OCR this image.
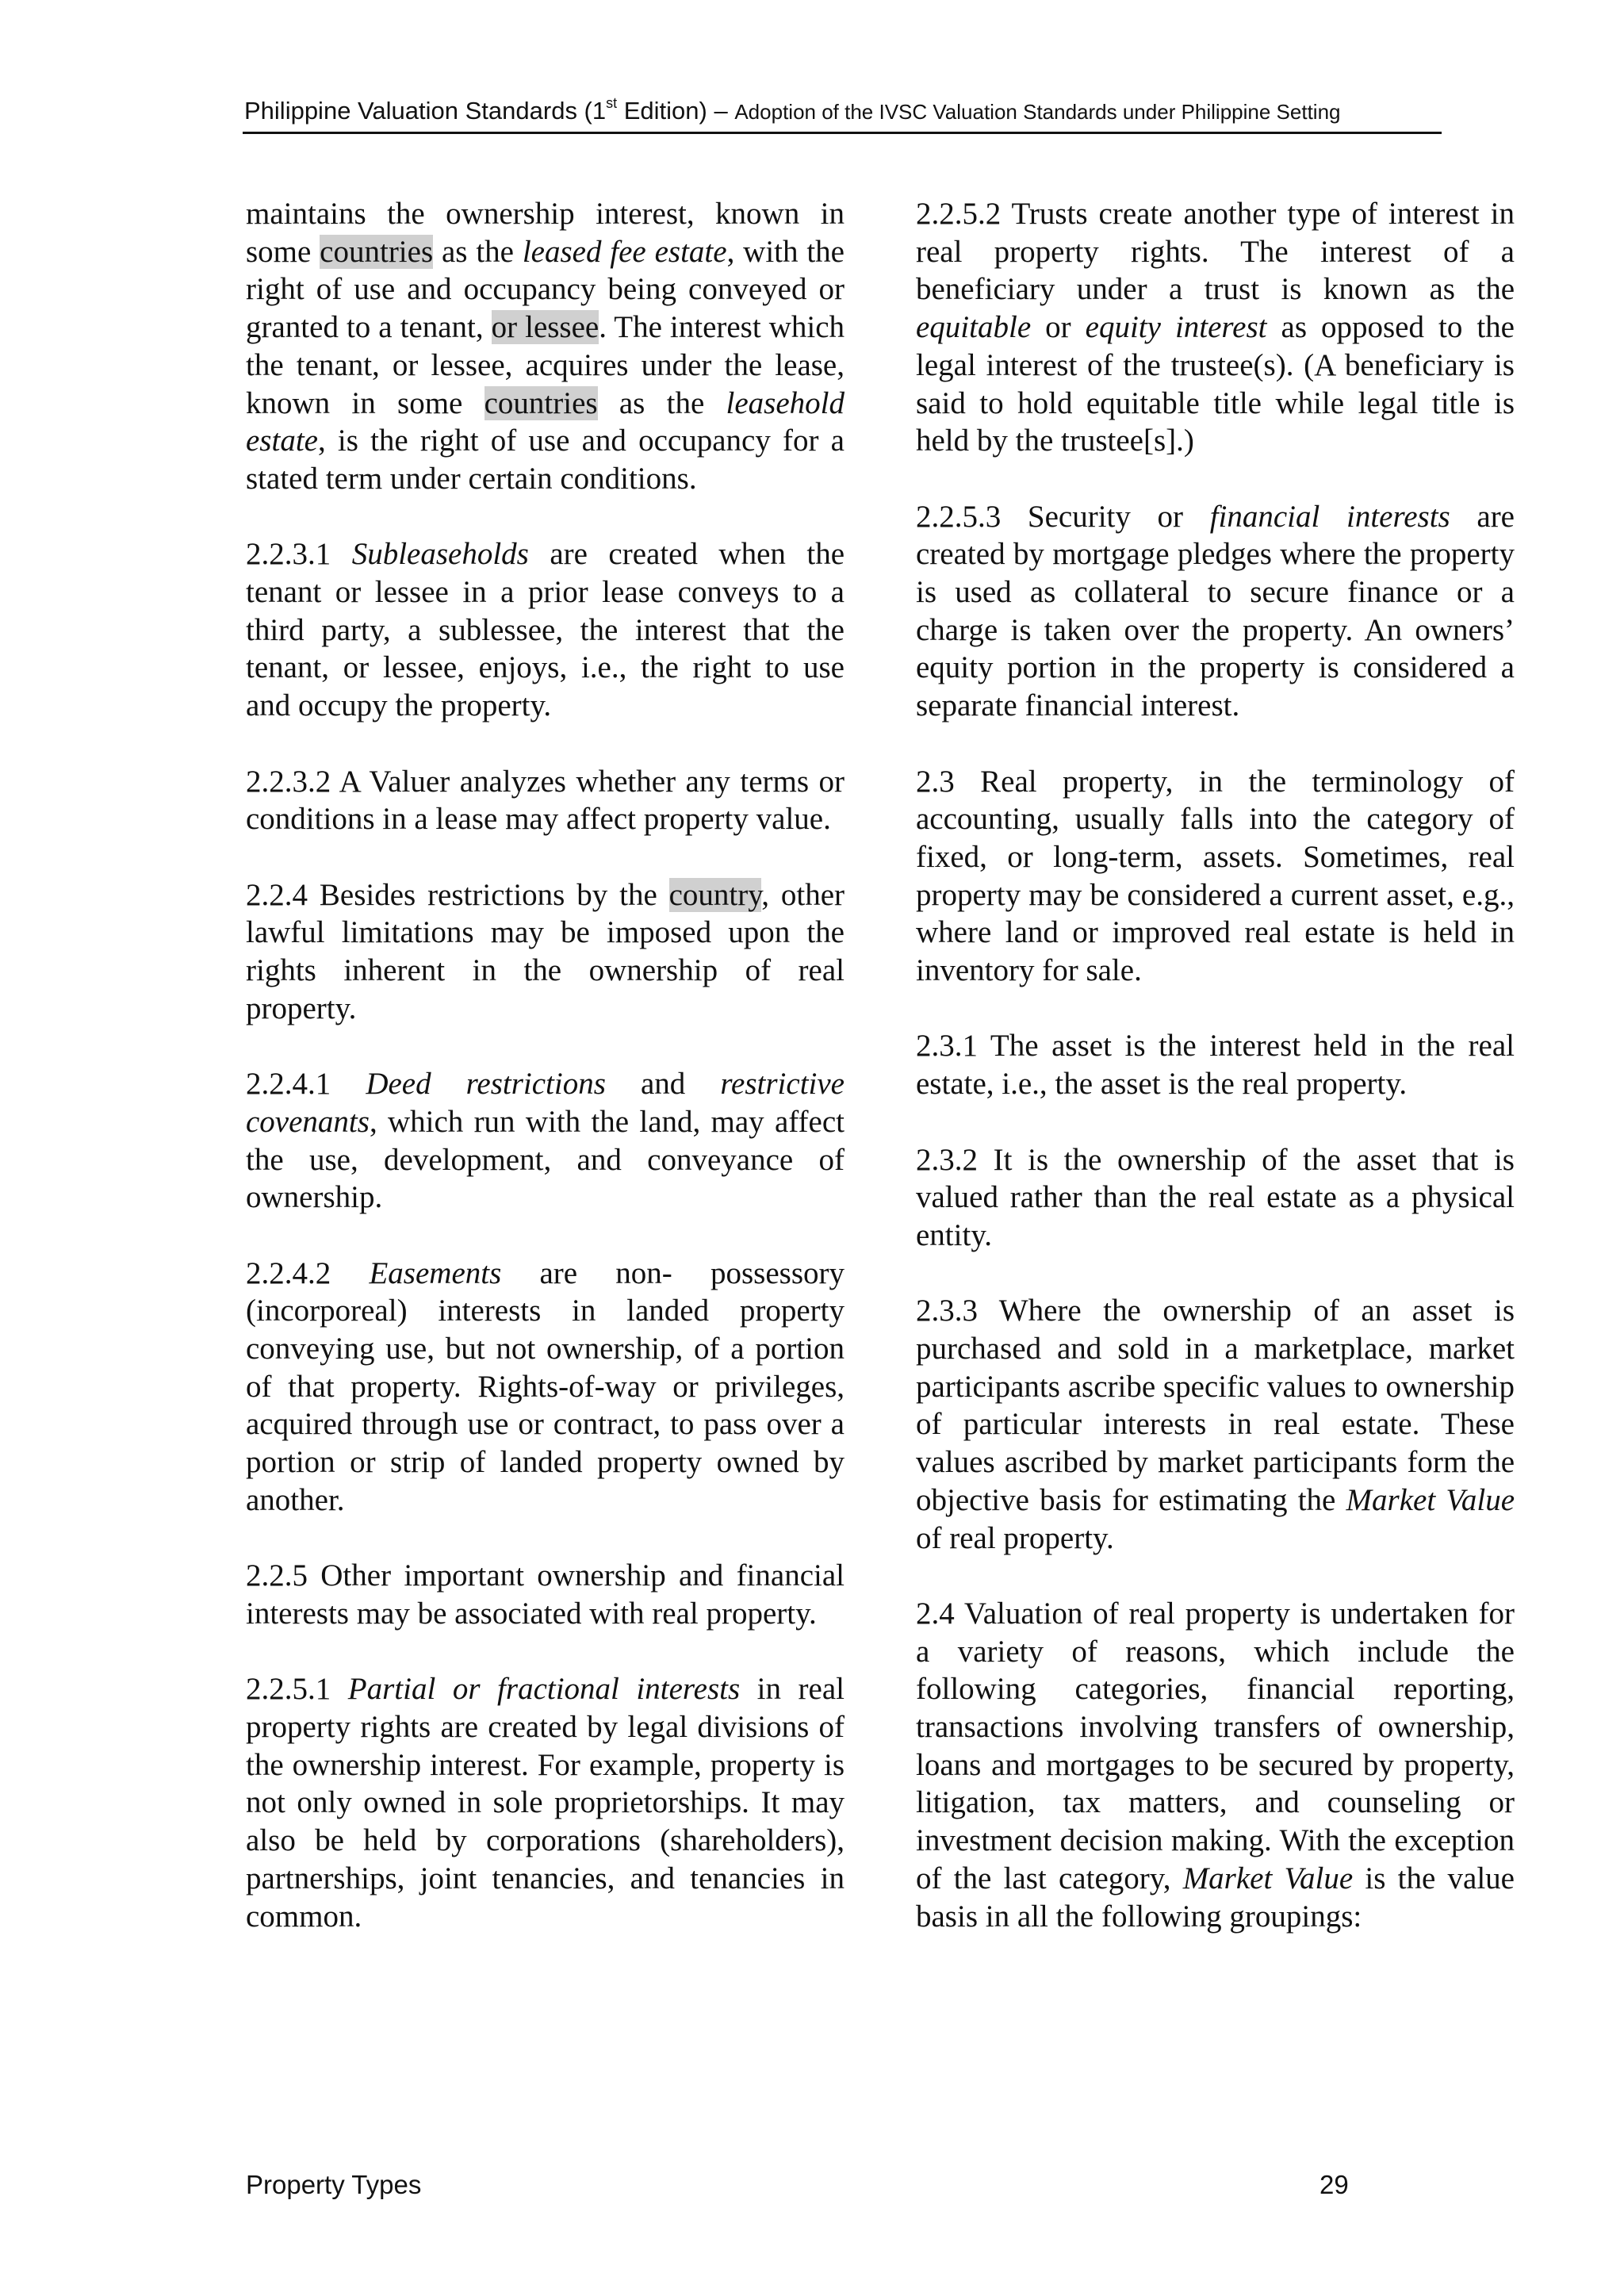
Philippine Valuation Standards (1st Edition) – Adoption of the IVSC Valuation Standards under Philippine Setting

maintains the ownership interest, known in some countries as the leased fee estate, with the right of use and occupancy being conveyed or granted to a tenant, or lessee. The interest which the tenant, or lessee, acquires under the lease, known in some countries as the leasehold estate, is the right of use and occupancy for a stated term under certain conditions.

2.2.3.1 Subleaseholds are created when the tenant or lessee in a prior lease conveys to a third party, a sublessee, the interest that the tenant, or lessee, enjoys, i.e., the right to use and occupy the property.

2.2.3.2 A Valuer analyzes whether any terms or conditions in a lease may affect property value.

2.2.4 Besides restrictions by the country, other lawful limitations may be imposed upon the rights inherent in the ownership of real property.

2.2.4.1 Deed restrictions and restrictive covenants, which run with the land, may affect the use, development, and conveyance of ownership.

2.2.4.2 Easements are non- possessory (incorporeal) interests in landed property conveying use, but not ownership, of a portion of that property. Rights-of-way or privileges, acquired through use or contract, to pass over a portion or strip of landed property owned by another.

2.2.5 Other important ownership and financial interests may be associated with real property.

2.2.5.1 Partial or fractional interests in real property rights are created by legal divisions of the ownership interest. For example, property is not only owned in sole proprietorships. It may also be held by corporations (shareholders), partnerships, joint tenancies, and tenancies in common.

2.2.5.2 Trusts create another type of interest in real property rights. The interest of a beneficiary under a trust is known as the equitable or equity interest as opposed to the legal interest of the trustee(s). (A beneficiary is said to hold equitable title while legal title is held by the trustee[s].)

2.2.5.3 Security or financial interests are created by mortgage pledges where the property is used as collateral to secure finance or a charge is taken over the property. An owners’ equity portion in the property is considered a separate financial interest.

2.3 Real property, in the terminology of accounting, usually falls into the category of fixed, or long-term, assets. Sometimes, real property may be considered a current asset, e.g., where land or improved real estate is held in inventory for sale.

2.3.1 The asset is the interest held in the real estate, i.e., the asset is the real property.

2.3.2 It is the ownership of the asset that is valued rather than the real estate as a physical entity.

2.3.3 Where the ownership of an asset is purchased and sold in a marketplace, market participants ascribe specific values to ownership of particular interests in real estate. These values ascribed by market participants form the objective basis for estimating the Market Value of real property.

2.4 Valuation of real property is undertaken for a variety of reasons, which include the following categories, financial reporting, transactions involving transfers of ownership, loans and mortgages to be secured by property, litigation, tax matters, and counseling or investment decision making. With the exception of the last category, Market Value is the value basis in all the following groupings:

Property Types	29
